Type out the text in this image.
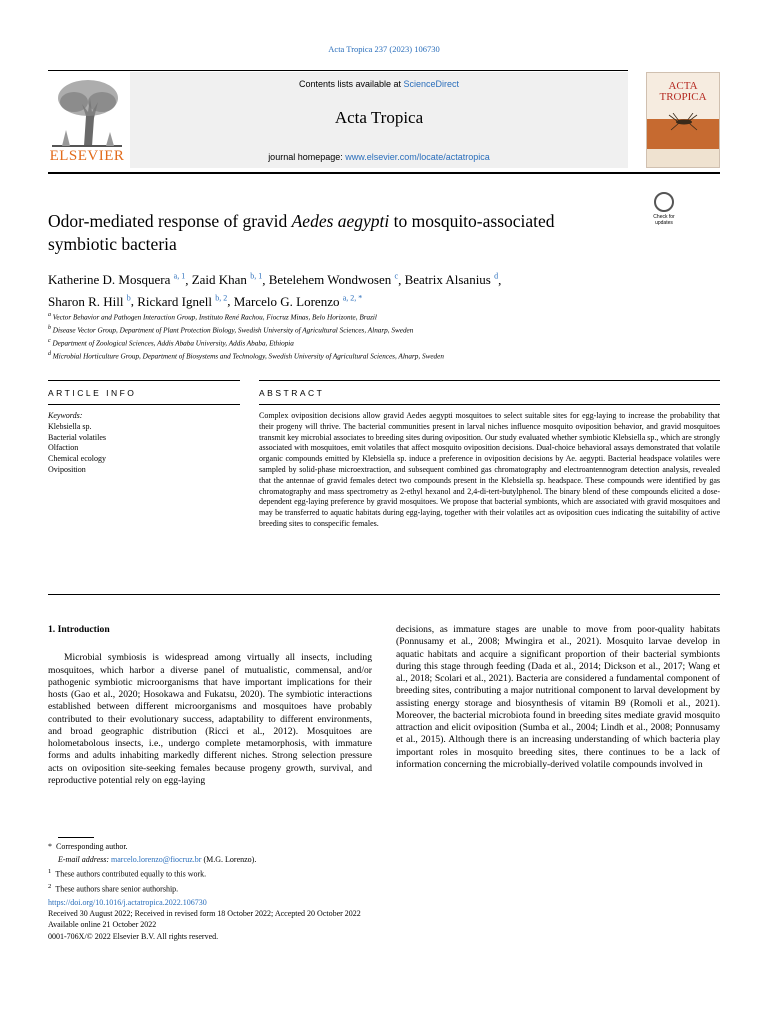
Acta Tropica 237 (2023) 106730
ELSEVIER
Contents lists available at ScienceDirect
Acta Tropica
journal homepage: www.elsevier.com/locate/actatropica
ACTA
TROPICA
Check for
updates
Odor-mediated response of gravid Aedes aegypti to mosquito-associated symbiotic bacteria
Katherine D. Mosquera $^{a, 1}$, Zaid Khan $^{b, 1}$, Betelehem Wondwosen $^c$, Beatrix Alsanius $^d$,
Sharon R. Hill $^b$, Rickard Ignell $^{b, 2}$, Marcelo G. Lorenzo $^{a, 2, *}$
$^a$ Vector Behavior and Pathogen Interaction Group, Instituto René Rachou, Fiocruz Minas, Belo Horizonte, Brazil
$^b$ Disease Vector Group, Department of Plant Protection Biology, Swedish University of Agricultural Sciences, Alnarp, Sweden
$^c$ Department of Zoological Sciences, Addis Ababa University, Addis Ababa, Ethiopia
$^d$ Microbial Horticulture Group, Department of Biosystems and Technology, Swedish University of Agricultural Sciences, Alnarp, Sweden
ARTICLE INFO	ABSTRACT
Keywords:
Klebsiella sp.
Bacterial volatiles
Olfaction
Chemical ecology
Oviposition
Complex oviposition decisions allow gravid Aedes aegypti mosquitoes to select suitable sites for egg-laying to increase the probability that their progeny will thrive. The bacterial communities present in larval niches influence mosquito oviposition behavior, and gravid mosquitoes transmit key microbial associates to breeding sites during oviposition. Our study evaluated whether symbiotic Klebsiella sp., which are strongly associated with mosquitoes, emit volatiles that affect mosquito oviposition decisions. Dual-choice behavioral assays demonstrated that volatile organic compounds emitted by Klebsiella sp. induce a preference in oviposition decisions by Ae. aegypti. Bacterial headspace volatiles were sampled by solid-phase microextraction, and subsequent combined gas chromatography and electroantennogram detection analysis, revealed that the antennae of gravid females detect two compounds present in the Klebsiella sp. headspace. These compounds were identified by gas chromatography and mass spectrometry as 2-ethyl hexanol and 2,4-di-tert-butylphenol. The binary blend of these compounds elicited a dose-dependent egg-laying preference by gravid mosquitoes. We propose that bacterial symbionts, which are associated with gravid mosquitoes and may be transferred to aquatic habitats during egg-laying, together with their volatiles act as oviposition cues indicating the suitability of active breeding sites to conspecific females.
1. Introduction

Microbial symbiosis is widespread among virtually all insects, including mosquitoes, which harbor a diverse panel of mutualistic, commensal, and/or pathogenic symbiotic microorganisms that have important implications for their hosts (Gao et al., 2020; Hosokawa and Fukatsu, 2020). The symbiotic interactions established between different microorganisms and mosquitoes have probably contributed to their evolutionary success, adaptability to different environments, and broad geographic distribution (Ricci et al., 2012). Mosquitoes are holometabolous insects, i.e., undergo complete metamorphosis, with immature forms and adults inhabiting markedly different niches. Strong selection pressure acts on oviposition site-seeking females because progeny growth, survival, and reproductive potential rely on egg-laying

decisions, as immature stages are unable to move from poor-quality habitats (Ponnusamy et al., 2008; Mwingira et al., 2021). Mosquito larvae develop in aquatic habitats and acquire a significant proportion of their bacterial symbionts during this stage through feeding (Dada et al., 2014; Dickson et al., 2017; Wang et al., 2018; Scolari et al., 2021). Bacteria are considered a fundamental component of breeding sites, contributing a major nutritional component to larval development by assisting energy storage and biosynthesis of vitamin B9 (Romoli et al., 2021). Moreover, the bacterial microbiota found in breeding sites mediate gravid mosquito attraction and elicit oviposition (Sumba et al., 2004; Lindh et al., 2008; Ponnusamy et al., 2015). Although there is an increasing understanding of which bacteria play important roles in mosquito breeding sites, there continues to be a lack of information concerning the microbially-derived volatile compounds involved in

*  Corresponding author.

E-mail address: marcelo.lorenzo@fiocruz.br (M.G. Lorenzo).

$^1$ These authors contributed equally to this work.

$^2$ These authors share senior authorship.

https://doi.org/10.1016/j.actatropica.2022.106730
Received 30 August 2022; Received in revised form 18 October 2022; Accepted 20 October 2022
Available online 21 October 2022
0001-706X/© 2022 Elsevier B.V. All rights reserved.
